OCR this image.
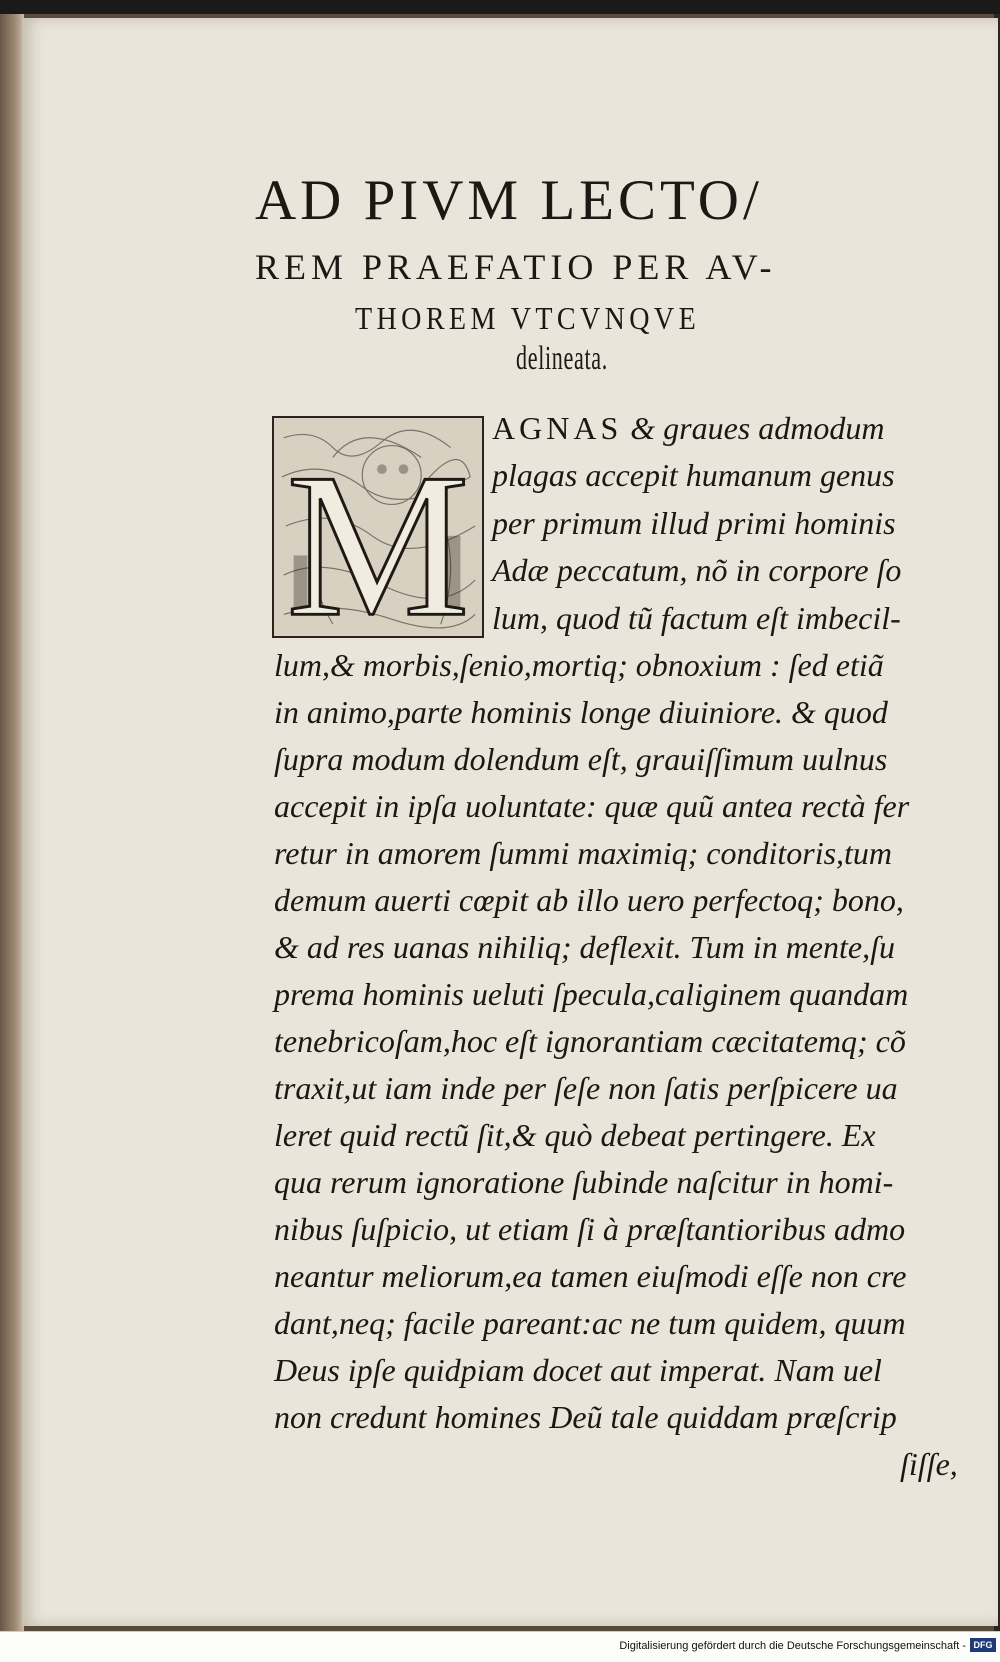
AD PIVM LECTO/
REM PRAEFATIO PER AV-
THOREM VTCVNQVE
delineata.
M

AGNAS & graues admodum

plagas accepit humanum genus

per primum illud primi hominis

Adæ peccatum, nõ in corpore ſo

lum, quod tũ factum eſt imbecil-

lum,& morbis,ſenio,mortiq; obnoxium : ſed etiã

in animo,parte hominis longe diuiniore. & quod

ſupra modum dolendum eſt, grauiſſimum uulnus

accepit in ipſa uoluntate: quæ quũ antea rectà fer

retur in amorem ſummi maximiq; conditoris,tum

demum auerti cœpit ab illo uero perfectoq; bono,

& ad res uanas nihiliq; deflexit. Tum in mente,ſu

prema hominis ueluti ſpecula,caliginem quandam

tenebricoſam,hoc eſt ignorantiam cæcitatemq; cõ

traxit,ut iam inde per ſeſe non ſatis perſpicere ua

leret quid rectũ ſit,& quò debeat pertingere. Ex

qua rerum ignoratione ſubinde naſcitur in homi-

nibus ſuſpicio, ut etiam ſi à præſtantioribus admo

neantur meliorum,ea tamen eiuſmodi eſſe non cre

dant,neq; facile pareant:ac ne tum quidem, quum

Deus ipſe quidpiam docet aut imperat. Nam uel

non credunt homines Deũ tale quiddam præſcrip

ſiſſe,

Digitalisierung gefördert durch die Deutsche Forschungsgemeinschaft - DFG
